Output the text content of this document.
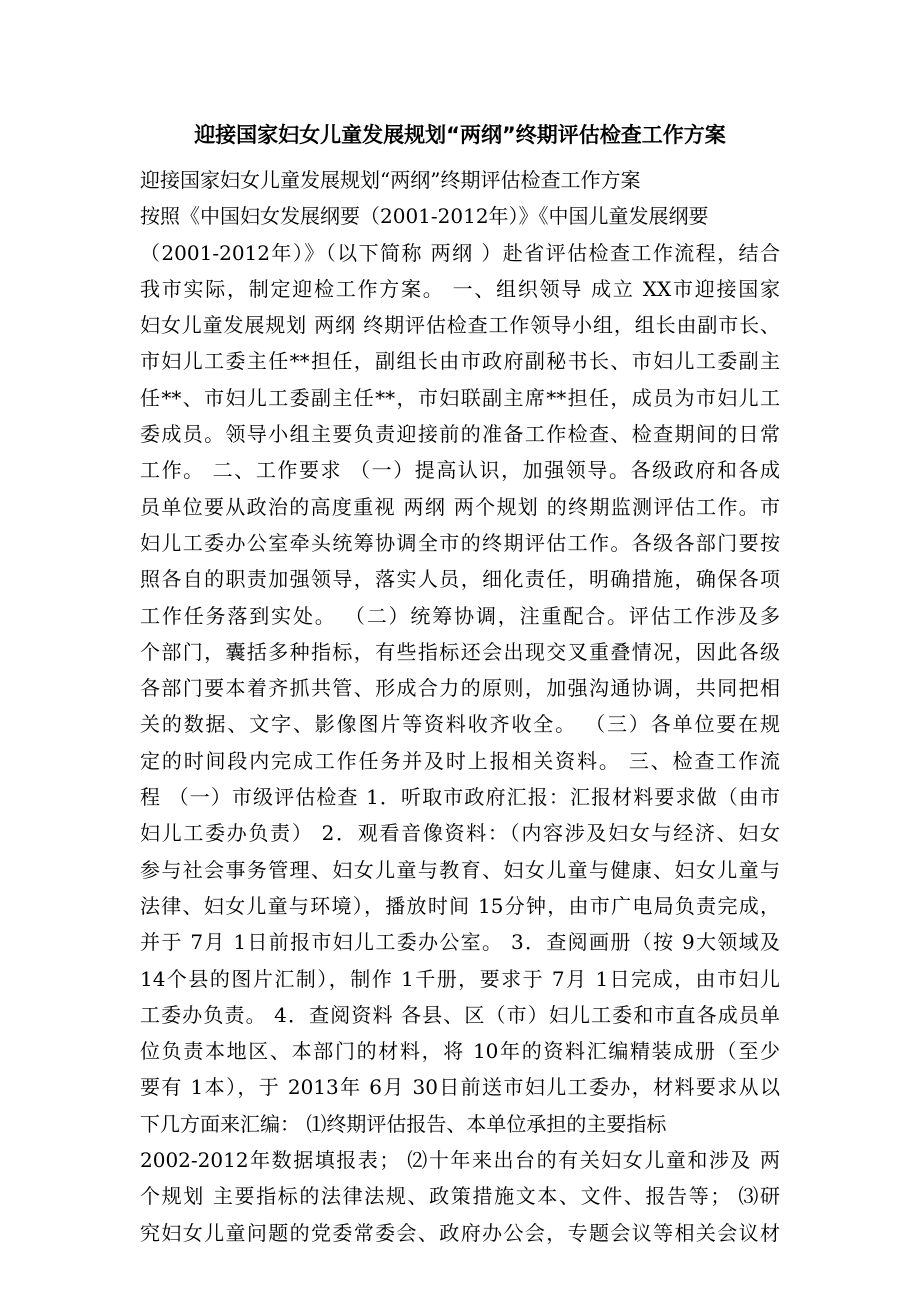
迎接国家妇女儿童发展规划“两纲”终期评估检查工作方案
迎接国家妇女儿童发展规划“两纲”终期评估检查工作方案
按照《中国妇女发展纲要（2001-2012年）》《中国儿童发展纲要
（2001-2012年）》（以下简称 两纲 ）赴省评估检查工作流程，结合
我市实际，制定迎检工作方案。 一、组织领导 成立 XX市迎接国家
妇女儿童发展规划 两纲 终期评估检查工作领导小组，组长由副市长、
市妇儿工委主任**担任，副组长由市政府副秘书长、市妇儿工委副主
任**、市妇儿工委副主任**，市妇联副主席**担任，成员为市妇儿工
委成员。领导小组主要负责迎接前的准备工作检查、检查期间的日常
工作。 二、工作要求 （一）提高认识，加强领导。各级政府和各成
员单位要从政治的高度重视 两纲 两个规划 的终期监测评估工作。市
妇儿工委办公室牵头统筹协调全市的终期评估工作。各级各部门要按
照各自的职责加强领导，落实人员，细化责任，明确措施，确保各项
工作任务落到实处。 （二）统筹协调，注重配合。评估工作涉及多
个部门，囊括多种指标，有些指标还会出现交叉重叠情况，因此各级
各部门要本着齐抓共管、形成合力的原则，加强沟通协调，共同把相
关的数据、文字、影像图片等资料收齐收全。 （三）各单位要在规
定的时间段内完成工作任务并及时上报相关资料。 三、检查工作流
程 （一）市级评估检查 1．听取市政府汇报：汇报材料要求做（由市
妇儿工委办负责） 2．观看音像资料：（内容涉及妇女与经济、妇女
参与社会事务管理、妇女儿童与教育、妇女儿童与健康、妇女儿童与
法律、妇女儿童与环境），播放时间 15分钟，由市广电局负责完成，
并于 7月 1日前报市妇儿工委办公室。 3．查阅画册（按 9大领域及
14个县的图片汇制），制作 1千册，要求于 7月 1日完成，由市妇儿
工委办负责。 4．查阅资料 各县、区（市）妇儿工委和市直各成员单
位负责本地区、本部门的材料，将 10年的资料汇编精装成册（至少
要有 1本），于 2013年 6月 30日前送市妇儿工委办，材料要求从以
下几方面来汇编： ⑴终期评估报告、本单位承担的主要指标
2002-2012年数据填报表； ⑵十年来出台的有关妇女儿童和涉及 两
个规划 主要指标的法律法规、政策措施文本、文件、报告等； ⑶研
究妇女儿童问题的党委常委会、政府办公会，专题会议等相关会议材
